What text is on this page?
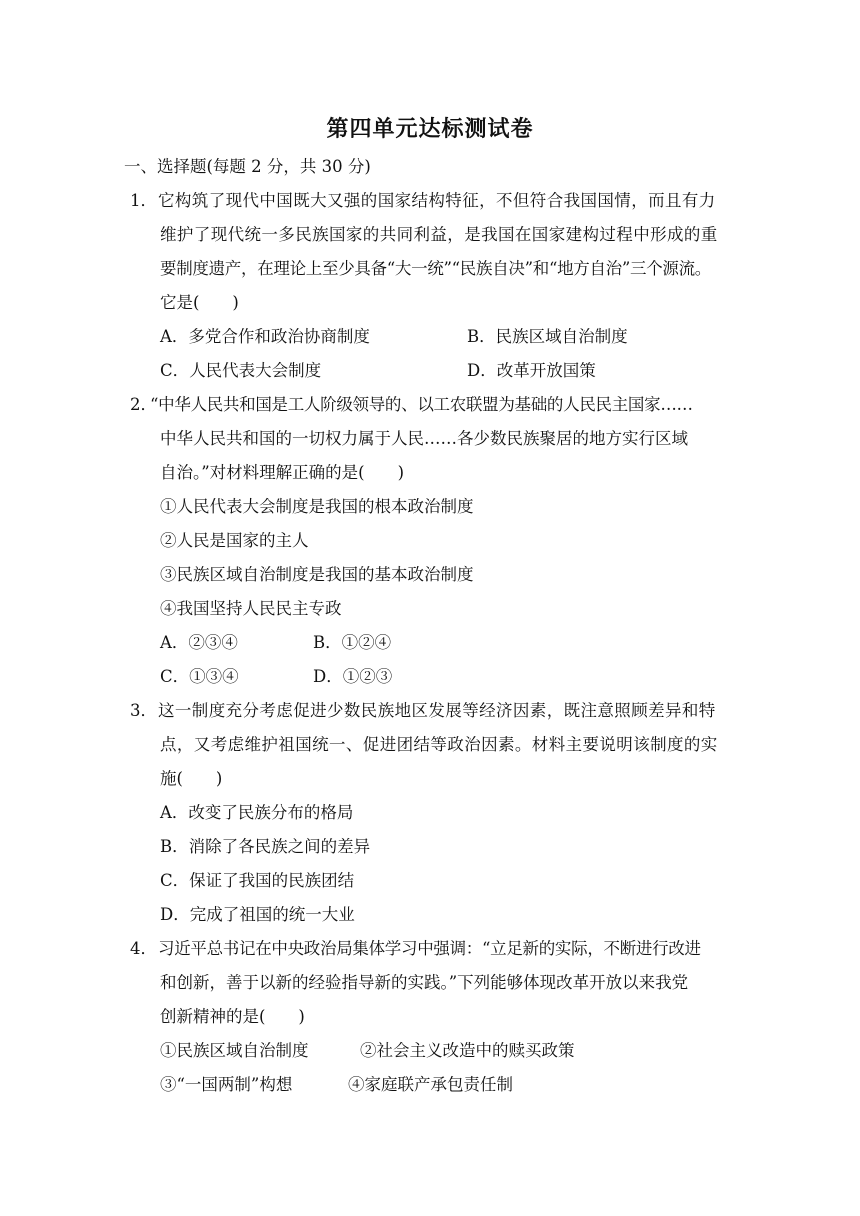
第四单元达标测试卷
一、选择题(每题 2 分，共 30 分)
1． 它构筑了现代中国既大又强的国家结构特征，不但符合我国国情，而且有力
维护了现代统一多民族国家的共同利益，是我国在国家建构过程中形成的重
要制度遗产，在理论上至少具备“大一统”“民族自决”和“地方自治”三个源流。
它是(　　)
A．多党合作和政治协商制度	B．民族区域自治制度
C．人民代表大会制度	D．改革开放国策
2．
“中华人民共和国是工人阶级领导的、以工农联盟为基础的人民民主国家……
中华人民共和国的一切权力属于人民……各少数民族聚居的地方实行区域
自治。”对材料理解正确的是(　　)
①人民代表大会制度是我国的根本政治制度
②人民是国家的主人
③民族区域自治制度是我国的基本政治制度
④我国坚持人民民主专政
A．②③④	B．①②④
C．①③④	D．①②③
3． 这一制度充分考虑促进少数民族地区发展等经济因素，既注意照顾差异和特
点，又考虑维护祖国统一、促进团结等政治因素。材料主要说明该制度的实
施(　　)
A．改变了民族分布的格局
B．消除了各民族之间的差异
C．保证了我国的民族团结
D．完成了祖国的统一大业
4． 习近平总书记在中央政治局集体学习中强调：“立足新的实际，不断进行改进
和创新，善于以新的经验指导新的实践。”下列能够体现改革开放以来我党
创新精神的是(　　)
①民族区域自治制度	②社会主义改造中的赎买政策
③“一国两制”构想	④家庭联产承包责任制
